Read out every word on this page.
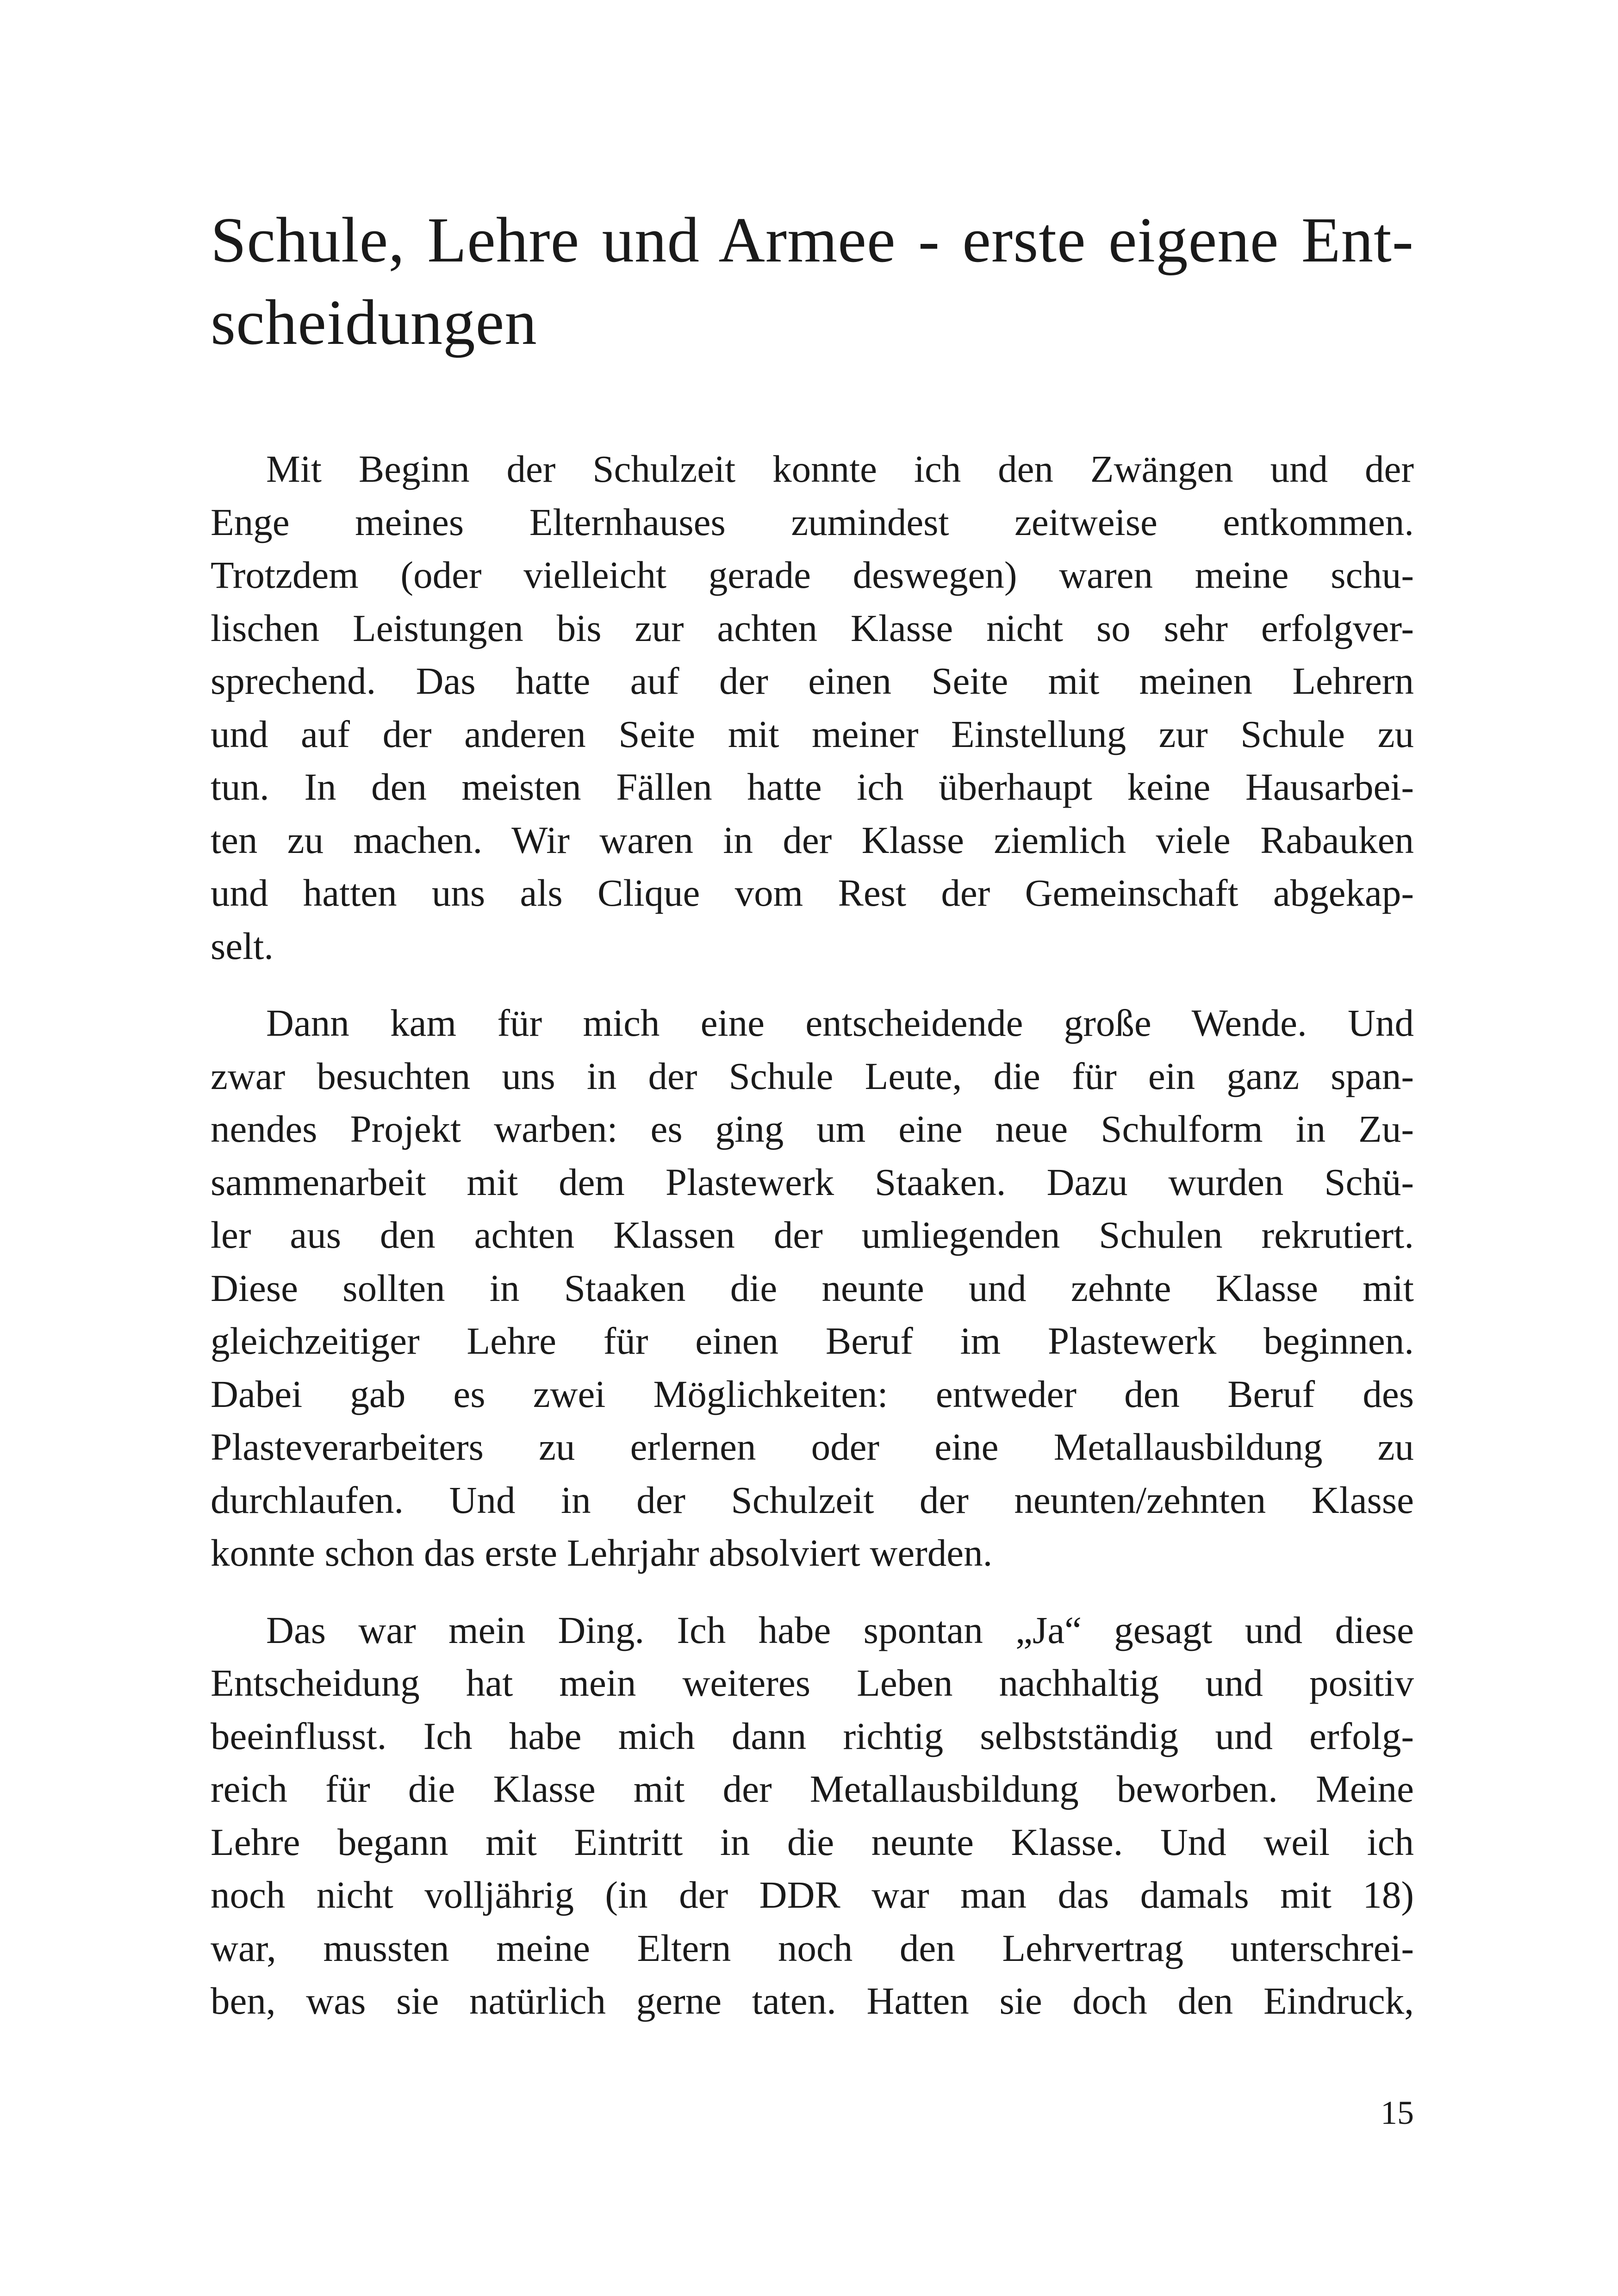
Schule, Lehre und Armee - erste eigene Ent-
scheidungen

Mit Beginn der Schulzeit konnte ich den Zwängen und der
Enge meines Elternhauses zumindest zeitweise entkommen.
Trotzdem (oder vielleicht gerade deswegen) waren meine schu-
lischen Leistungen bis zur achten Klasse nicht so sehr erfolgver-
sprechend. Das hatte auf der einen Seite mit meinen Lehrern
und auf der anderen Seite mit meiner Einstellung zur Schule zu
tun. In den meisten Fällen hatte ich überhaupt keine Hausarbei-
ten zu machen. Wir waren in der Klasse ziemlich viele Rabauken
und hatten uns als Clique vom Rest der Gemeinschaft abgekap-
selt.

Dann kam für mich eine entscheidende große Wende. Und
zwar besuchten uns in der Schule Leute, die für ein ganz span-
nendes Projekt warben: es ging um eine neue Schulform in Zu-
sammenarbeit mit dem Plastewerk Staaken. Dazu wurden Schü-
ler aus den achten Klassen der umliegenden Schulen rekrutiert.
Diese sollten in Staaken die neunte und zehnte Klasse mit
gleichzeitiger Lehre für einen Beruf im Plastewerk beginnen.
Dabei gab es zwei Möglichkeiten: entweder den Beruf des
Plasteverarbeiters zu erlernen oder eine Metallausbildung zu
durchlaufen. Und in der Schulzeit der neunten/zehnten Klasse
konnte schon das erste Lehrjahr absolviert werden.

Das war mein Ding. Ich habe spontan „Ja“ gesagt und diese
Entscheidung hat mein weiteres Leben nachhaltig und positiv
beeinflusst. Ich habe mich dann richtig selbstständig und erfolg-
reich für die Klasse mit der Metallausbildung beworben. Meine
Lehre begann mit Eintritt in die neunte Klasse. Und weil ich
noch nicht volljährig (in der DDR war man das damals mit 18)
war, mussten meine Eltern noch den Lehrvertrag unterschrei-
ben, was sie natürlich gerne taten. Hatten sie doch den Eindruck,

15
